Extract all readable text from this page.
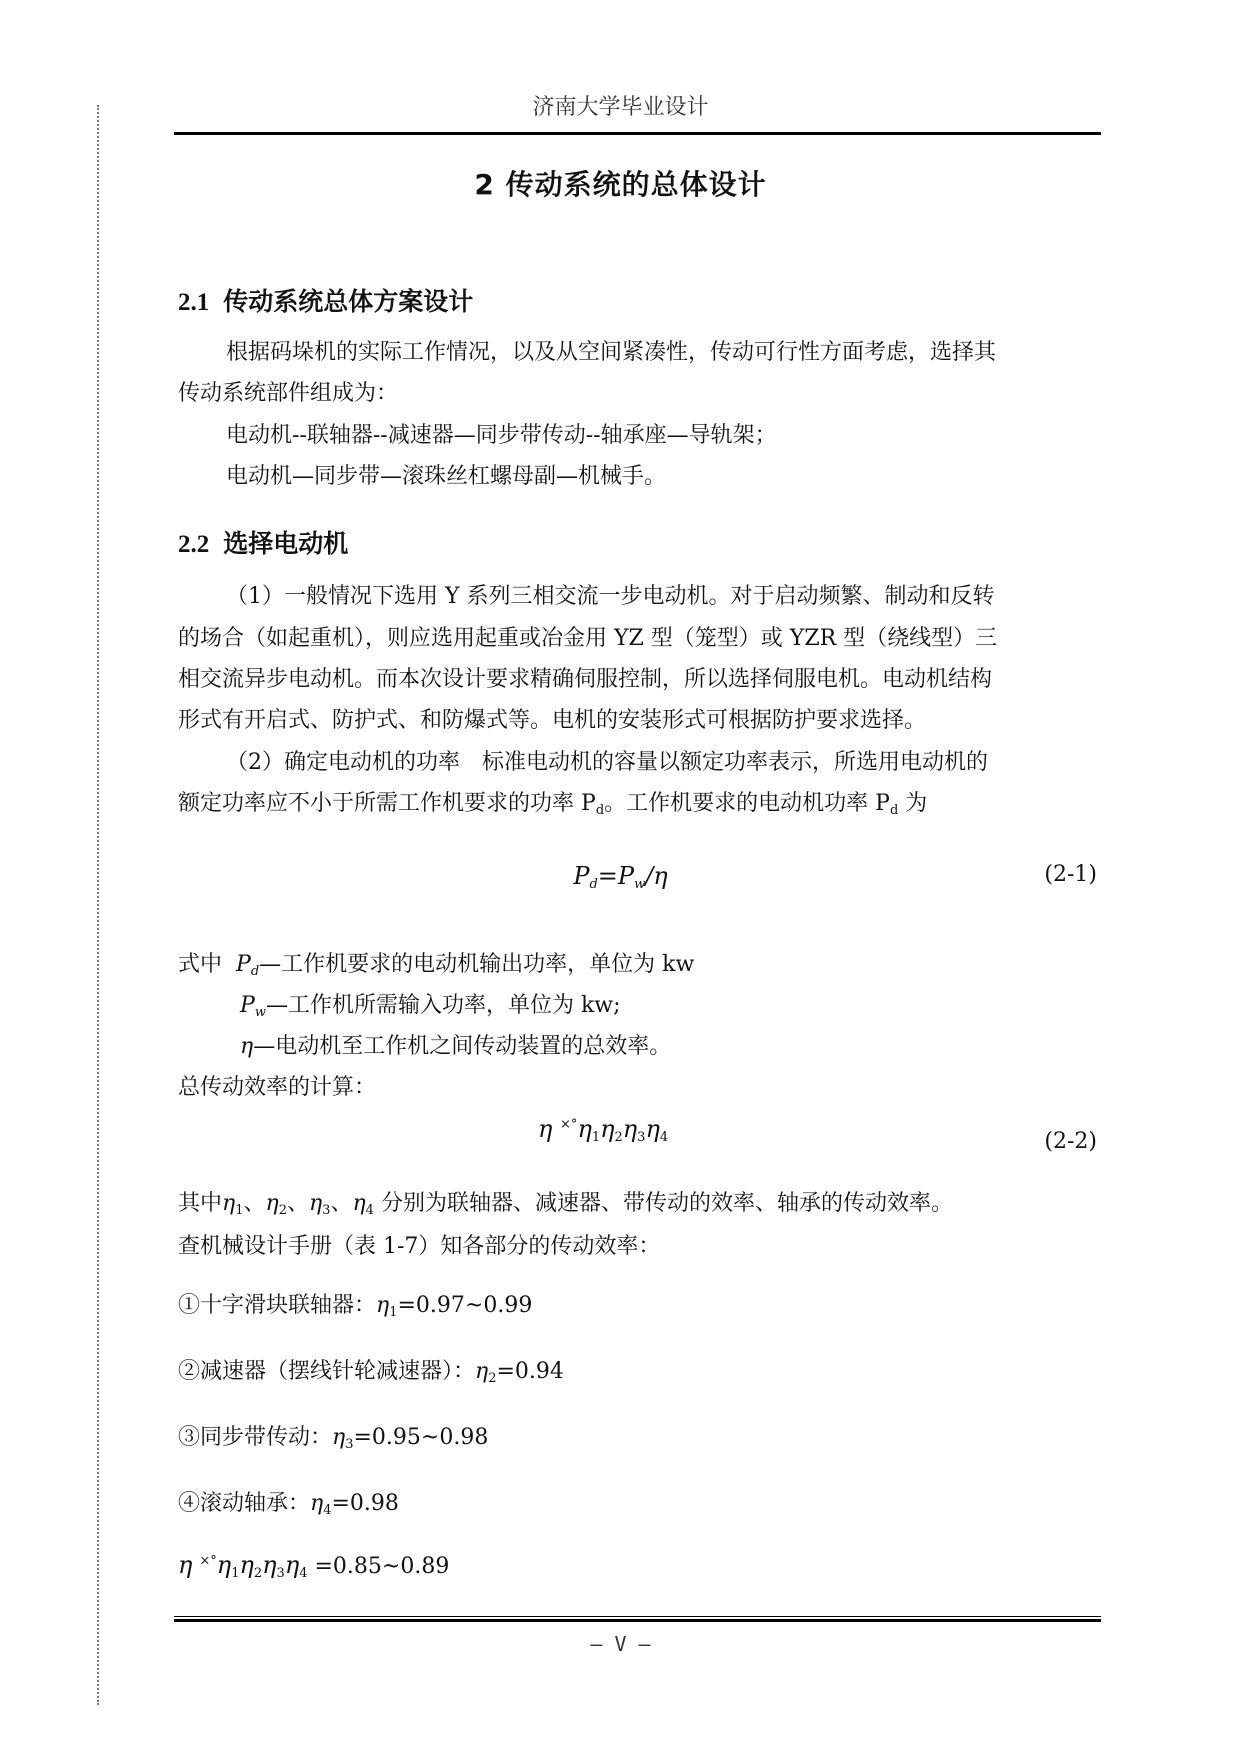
济南大学毕业设计
2 传动系统的总体设计
2.1 传动系统总体方案设计
根据码垛机的实际工作情况，以及从空间紧凑性，传动可行性方面考虑，选择其
传动系统部件组成为：
电动机--联轴器--减速器—同步带传动--轴承座—导轨架；
电动机—同步带—滚珠丝杠螺母副—机械手。
2.2 选择电动机
（1）一般情况下选用 Y 系列三相交流一步电动机。对于启动频繁、制动和反转
的场合（如起重机），则应选用起重或冶金用 YZ 型（笼型）或 YZR 型（绕线型）三
相交流异步电动机。而本次设计要求精确伺服控制，所以选择伺服电机。电动机结构
形式有开启式、防护式、和防爆式等。电机的安装形式可根据防护要求选择。
（2）确定电动机的功率　标准电动机的容量以额定功率表示，所选用电动机的
额定功率应不小于所需工作机要求的功率 $P_d$。工作机要求的电动机功率 $P_d$ 为
$P_d=P_w/\eta$	(2-1)
式中 $P_d—$工作机要求的电动机输出功率，单位为 kw
$P_w—$工作机所需输入功率，单位为 kw;
η—电动机至工作机之间传动装置的总效率。
总传动效率的计算：
η $^{\times^\circ}\eta_1\eta_2\eta_3\eta_4$	(2-2)
其中$\eta_1$、$\eta_2$、$\eta_3$、$\eta_4$ 分别为联轴器、减速器、带传动的效率、轴承的传动效率。
查机械设计手册（表 1-7）知各部分的传动效率：
①十字滑块联轴器：$\eta_1=0.97\sim 0.99$
②减速器（摆线针轮减速器）：$\eta_2=0.94$
③同步带传动：$\eta_3=0.95\sim 0.98$
④滚动轴承：$\eta_4=0.98$
η $^{\times^\circ}\eta_1\eta_2\eta_3\eta_4$ =0.85~0.89
– V –
